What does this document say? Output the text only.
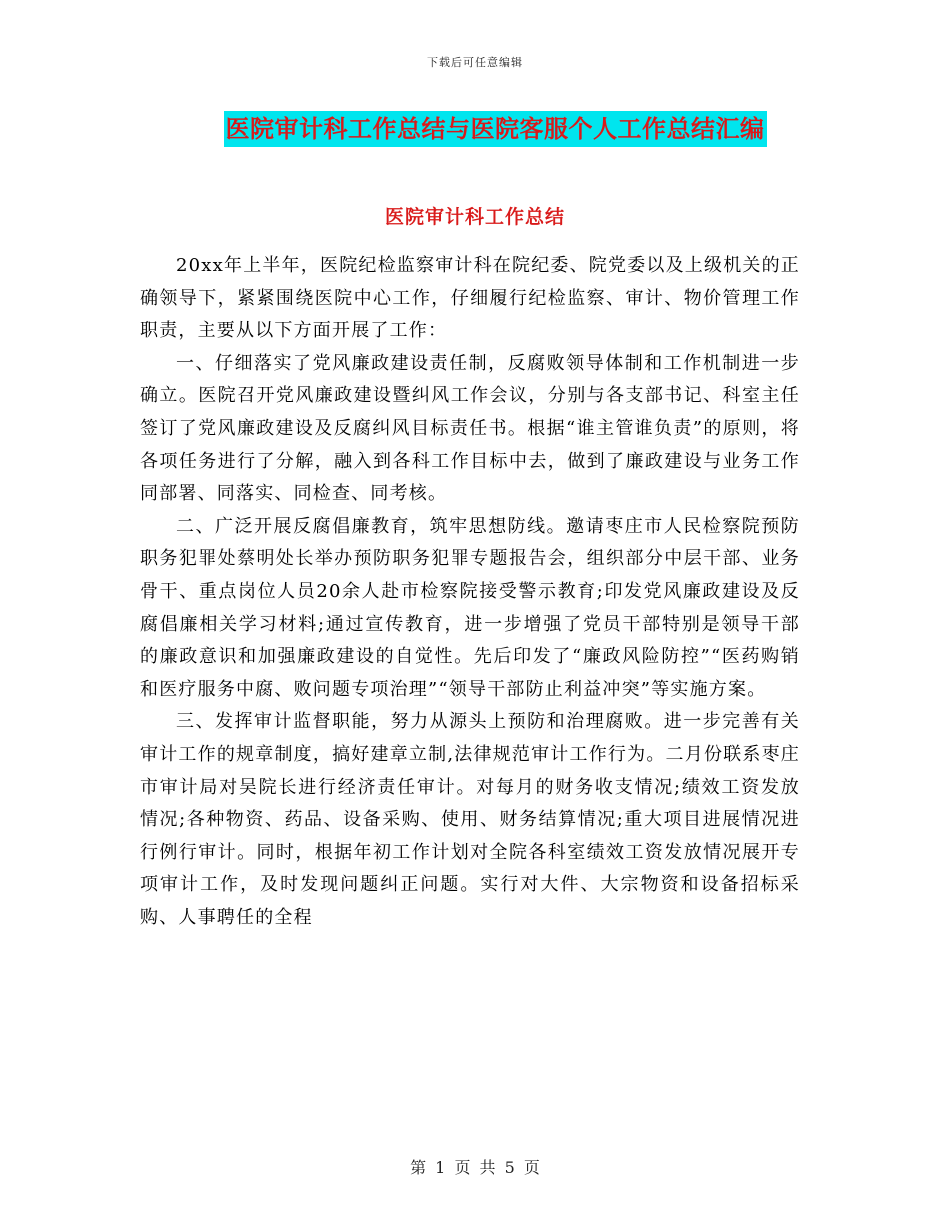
下载后可任意编辑
医院审计科工作总结与医院客服个人工作总结汇编
医院审计科工作总结

20xx年上半年，医院纪检监察审计科在院纪委、院党委以及上级机关的正确领导下，紧紧围绕医院中心工作，仔细履行纪检监察、审计、物价管理工作职责，主要从以下方面开展了工作：

一、仔细落实了党风廉政建设责任制，反腐败领导体制和工作机制进一步确立。医院召开党风廉政建设暨纠风工作会议，分别与各支部书记、科室主任签订了党风廉政建设及反腐纠风目标责任书。根据“谁主管谁负责”的原则，将各项任务进行了分解，融入到各科工作目标中去，做到了廉政建设与业务工作同部署、同落实、同检查、同考核。

二、广泛开展反腐倡廉教育，筑牢思想防线。邀请枣庄市人民检察院预防职务犯罪处蔡明处长举办预防职务犯罪专题报告会，组织部分中层干部、业务骨干、重点岗位人员20余人赴市检察院接受警示教育;印发党风廉政建设及反腐倡廉相关学习材料;通过宣传教育，进一步增强了党员干部特别是领导干部的廉政意识和加强廉政建设的自觉性。先后印发了“廉政风险防控”“医药购销和医疗服务中腐、败问题专项治理”“领导干部防止利益冲突”等实施方案。

三、发挥审计监督职能，努力从源头上预防和治理腐败。进一步完善有关审计工作的规章制度，搞好建章立制,法律规范审计工作行为。二月份联系枣庄市审计局对吴院长进行经济责任审计。对每月的财务收支情况;绩效工资发放情况;各种物资、药品、设备采购、使用、财务结算情况;重大项目进展情况进行例行审计。同时，根据年初工作计划对全院各科室绩效工资发放情况展开专项审计工作，及时发现问题纠正问题。实行对大件、大宗物资和设备招标采购、人事聘任的全程

第 1 页 共 5 页
